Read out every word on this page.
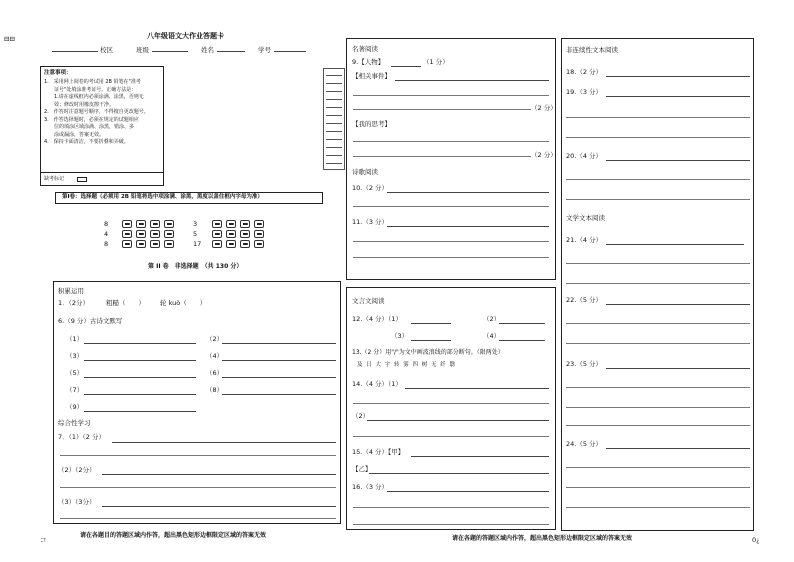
⊟⊟	八年级语文大作业答题卡
校区	班级	姓名	学号
注意事项：
1.　采用网上阅卷的考试用 2B 铅笔在"准考
　　证号"处填涂准考证号，正确方法是：
　　1.请在虚线框内必须涂满、涂黑，否则无
　　效；修改时用橡皮擦干净。
2.　作答时注意题号顺序，不得擅自更改题号。
3.　作答选择题时，必须在规定的试题相应
　　位的填涂区域涂满、涂黑，错涂、多
　　涂或漏涂，答案无效。
4.　保持卡面清洁，不要折叠和弄破。
缺考标记
第Ⅰ卷：选择题（必须用 2B 铅笔将选中项涂满、涂黑，黑度以盖住框内字母为准）
8	3
4	5
8	17
第 II 卷　非选择题　（共 130 分）
积累运用
1．（2分）	粗糙（　　） 轮 kuò（　　）
6.（9 分）古诗文默写
（1）	（2）
（3）	（4）
（5）	（6）
（7）	（8）
（9）
综合性学习
7．（1）（2 分）
（2）（2分）
（3）（3分）
名著阅读
9.【人物】	（1 分）
【相关事件】
（2 分）
【我的思考】
（2 分）
诗歌阅读
10.（2 分）
11.（3 分）
文言文阅读
12.（4 分）（1）	（2）
（3）	（4）
13.（2 分）用"/"为文中画波浪线的部分断句。（限两处）
及 日 大 宇 转 雾 四 树 无 纤 翳
14.（4 分）（1）
（2）
15.（4 分）【甲】
【乙】
16.（3 分）
非连续性文本阅读
18.（2 分）
19.（3 分）
20.（4 分）
文学文本阅读
21.（4 分）
22.（5 分）
23.（5 分）
24.（5 分）
コ
请在各题目的答题区域内作答，超出黑色矩形边框限定区域的答案无效	请在各题的答题区域内作答，超出黑色矩形边框限定区域的答案无效	0¿
